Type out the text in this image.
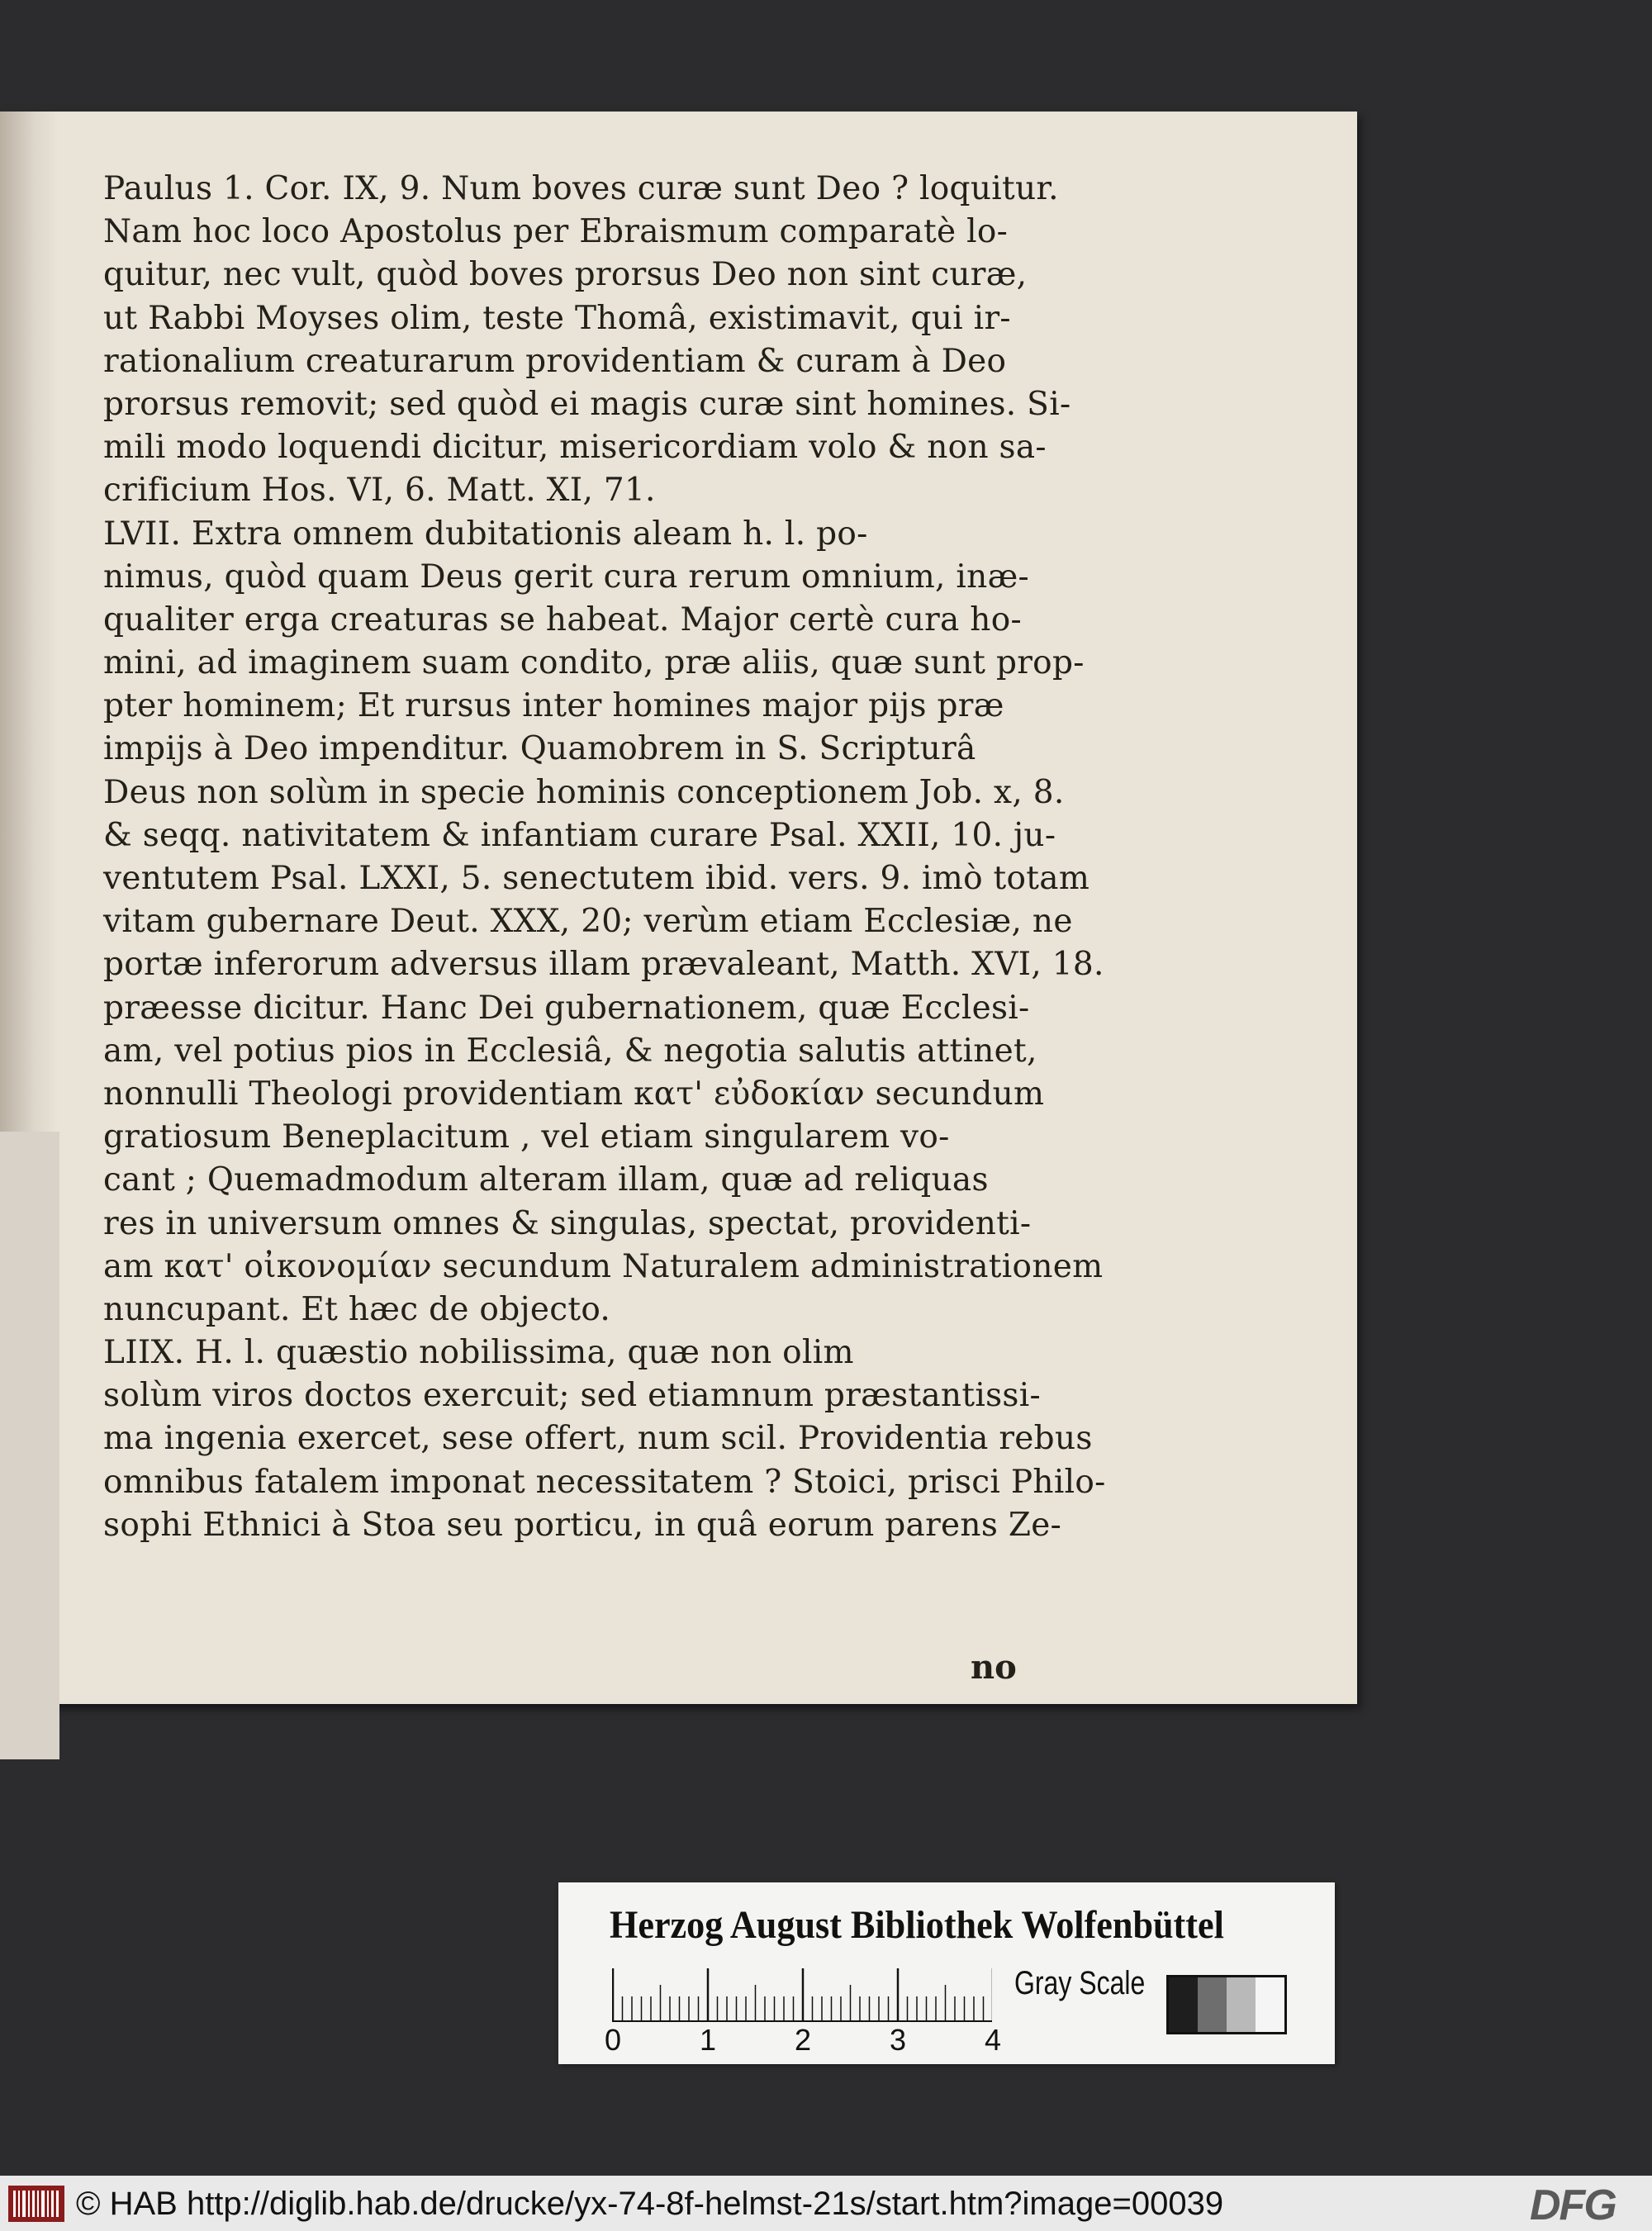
Paulus 1. Cor. IX, 9. Num boves curæ sunt Deo ? loquitur.
Nam hoc loco Apostolus per Ebraismum comparatè lo-
quitur, nec vult, quòd boves prorsus Deo non sint curæ,
ut Rabbi Moyses olim, teste Thomâ, existimavit, qui ir-
rationalium creaturarum providentiam & curam à Deo
prorsus removit; sed quòd ei magis curæ sint homines. Si-
mili modo loquendi dicitur, misericordiam volo & non sa-
crificium Hos. VI, 6. Matt. XI, 71.
LVII. Extra omnem dubitationis aleam h. l. po-
nimus, quòd quam Deus gerit cura rerum omnium, inæ-
qualiter erga creaturas se habeat. Major certè cura ho-
mini, ad imaginem suam condito, præ aliis, quæ sunt prop-
pter hominem; Et rursus inter homines major pijs præ
impijs à Deo impenditur. Quamobrem in S. Scripturâ
Deus non solùm in specie hominis conceptionem Job. x, 8.
& seqq. nativitatem & infantiam curare Psal. XXII, 10. ju-
ventutem Psal. LXXI, 5. senectutem ibid. vers. 9. imò totam
vitam gubernare Deut. XXX, 20; verùm etiam Ecclesiæ, ne
portæ inferorum adversus illam prævaleant, Matth. XVI, 18.
præesse dicitur. Hanc Dei gubernationem, quæ Ecclesi-
am, vel potius pios in Ecclesiâ, & negotia salutis attinet,
nonnulli Theologi providentiam κατ' εὐδοκίαν secundum
gratiosum Beneplacitum , vel etiam singularem vo-
cant ; Quemadmodum alteram illam, quæ ad reliquas
res in universum omnes & singulas, spectat, providenti-
am κατ' οἰκονομίαν secundum Naturalem administrationem
nuncupant. Et hæc de objecto.
LIIX. H. l. quæstio nobilissima, quæ non olim
solùm viros doctos exercuit; sed etiamnum præstantissi-
ma ingenia exercet, sese offert, num scil. Providentia rebus
omnibus fatalem imponat necessitatem ? Stoici, prisci Philo-
sophi Ethnici à Stoa seu porticu, in quâ eorum parens Ze-
no
Herzog August Bibliothek Wolfenbüttel
0	1	2	3	4
Gray Scale
© HAB http://diglib.hab.de/drucke/yx-74-8f-helmst-21s/start.htm?image=00039	DFG
